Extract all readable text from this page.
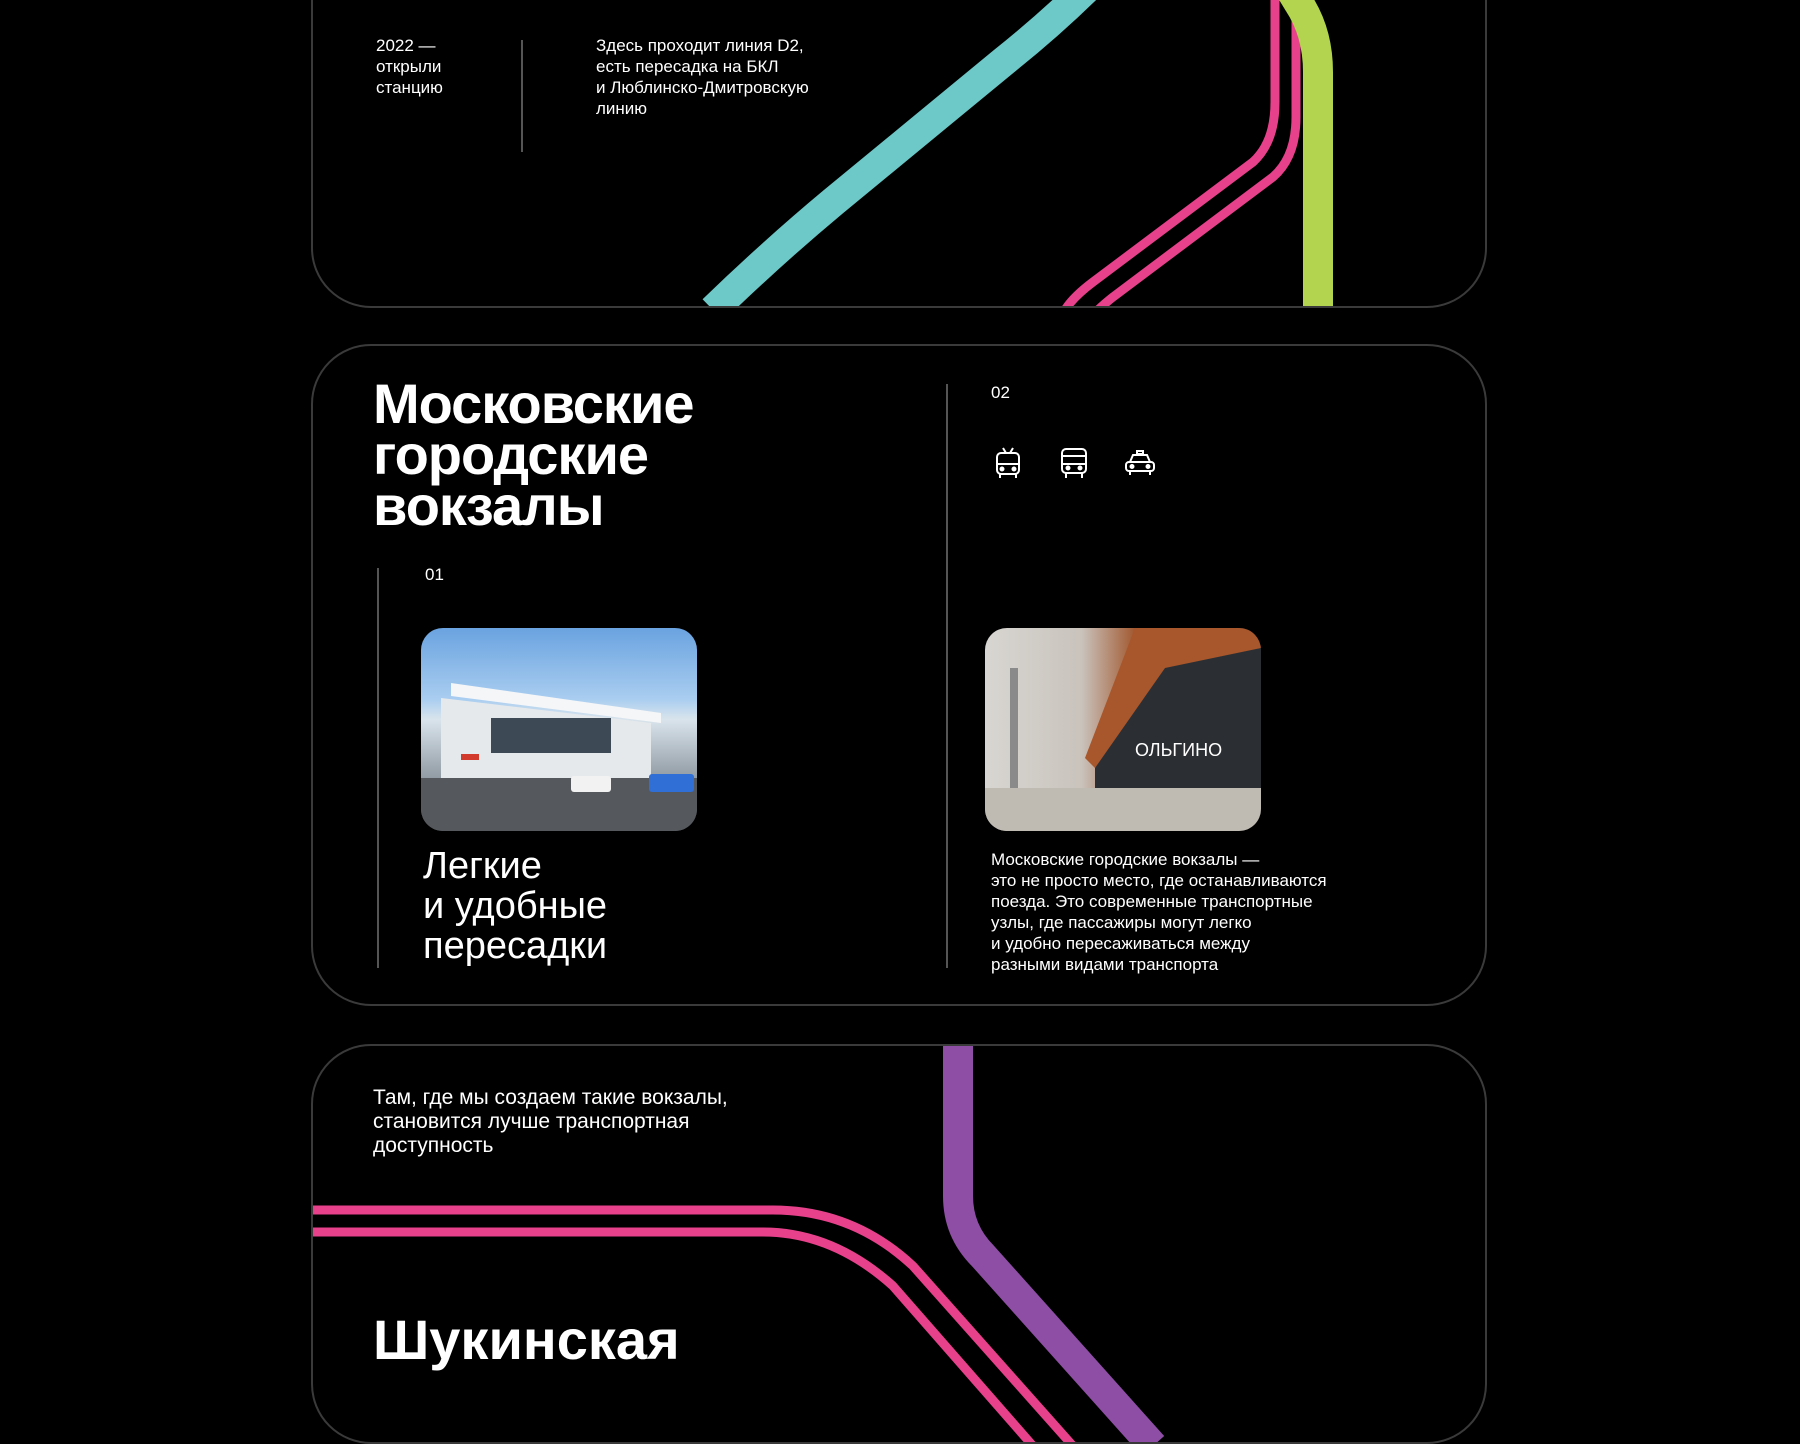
2022 —
открыли
станцию
Здесь проходит линия D2,
есть пересадка на БКЛ
и Люблинско-Дмитровскую
линию
Московские
городские
вокзалы
01
02
ОЛЬГИНО
Легкие
и удобные
пересадки
Московские городские вокзалы —
это не просто место, где останавливаются
поезда. Это современные транспортные
узлы, где пассажиры могут легко
и удобно пересаживаться между
разными видами транспорта
Там, где мы создаем такие вокзалы,
становится лучше транспортная
доступность
Шукинская
